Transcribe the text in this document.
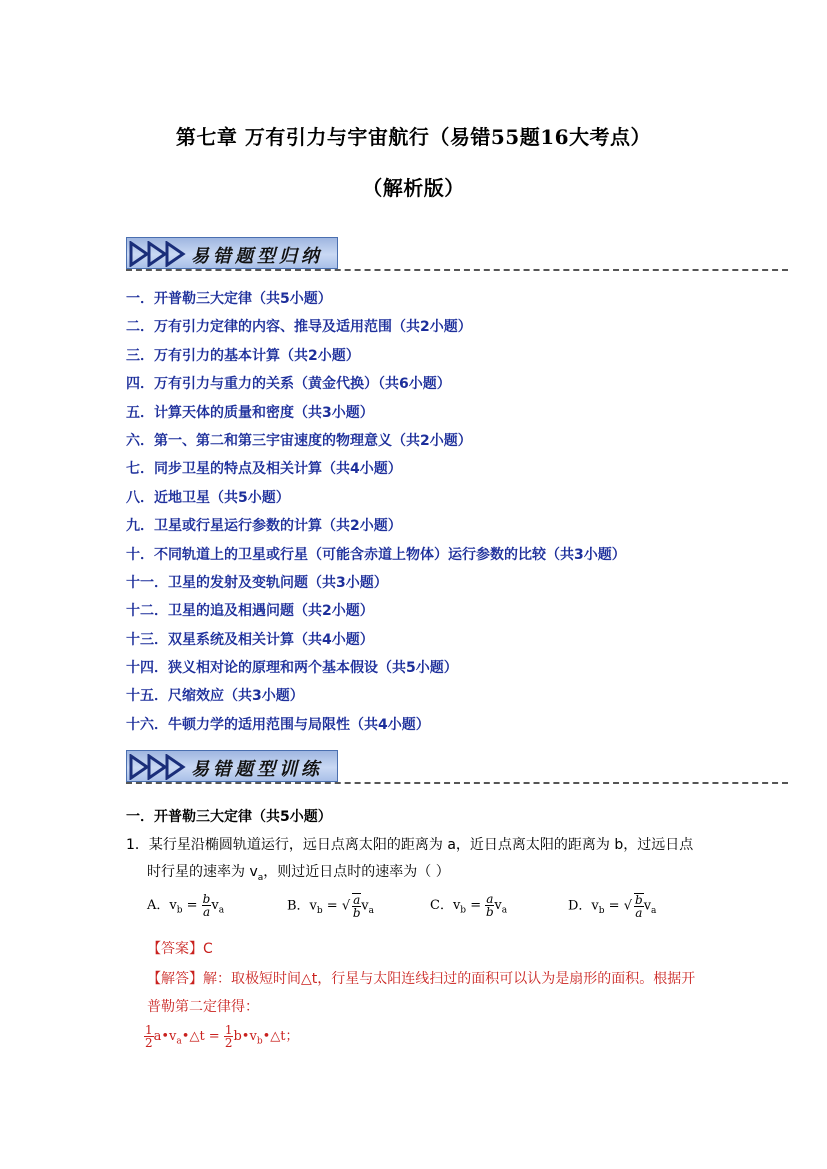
第七章 万有引力与宇宙航行（易错55题16大考点）
（解析版）
易错题型归纳
一．开普勒三大定律（共5小题）
二．万有引力定律的内容、推导及适用范围（共2小题）
三．万有引力的基本计算（共2小题）
四．万有引力与重力的关系（黄金代换）（共6小题）
五．计算天体的质量和密度（共3小题）
六．第一、第二和第三宇宙速度的物理意义（共2小题）
七．同步卫星的特点及相关计算（共4小题）
八．近地卫星（共5小题）
九．卫星或行星运行参数的计算（共2小题）
十．不同轨道上的卫星或行星（可能含赤道上物体）运行参数的比较（共3小题）
十一．卫星的发射及变轨问题（共3小题）
十二．卫星的追及相遇问题（共2小题）
十三．双星系统及相关计算（共4小题）
十四．狭义相对论的原理和两个基本假设（共5小题）
十五．尺缩效应（共3小题）
十六．牛顿力学的适用范围与局限性（共4小题）
易错题型训练
一．开普勒三大定律（共5小题）
1．某行星沿椭圆轨道运行，远日点离太阳的距离为 a，近日点离太阳的距离为 b，过远日点
时行星的速率为 $v_a$，则过近日点时的速率为（ ）
A．$v_b = \frac{b}{a} v_a$	B．$v_b$ = √ $\frac{a}{b} v_a$	C．$v_b = \frac{a}{b} v_a$	D．$v_b$ = √ $\frac{b}{a} v_a$
【答案】C
【解答】解：取极短时间△t，行星与太阳连线扫过的面积可以认为是扇形的面积。根据开
普勒第二定律得：
$\frac{1}{2}$ $a•v_a•\triangle t = \frac{1}{2}$ $b•v_b•\triangle t$；
